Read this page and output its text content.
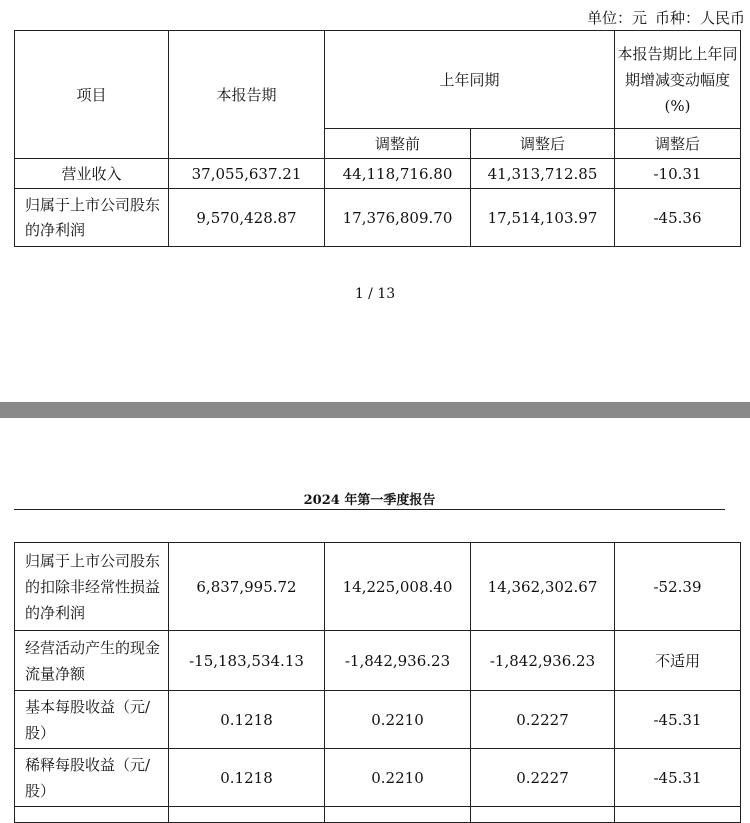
单位：元 币种：人民币
项目	本报告期	上年同期		本报告期比上年同期增减变动幅度(%)
		调整前	调整后	调整后
营业收入	37,055,637.21	44,118,716.80	41,313,712.85	-10.31
归属于上市公司股东的净利润	9,570,428.87	17,376,809.70	17,514,103.97	-45.36
1 / 13
2024 年第一季度报告
归属于上市公司股东的扣除非经常性损益的净利润	6,837,995.72	14,225,008.40	14,362,302.67	-52.39
经营活动产生的现金流量净额	-15,183,534.13	-1,842,936.23	-1,842,936.23	不适用
基本每股收益（元/股）	0.1218	0.2210	0.2227	-45.31
稀释每股收益（元/股）	0.1218	0.2210	0.2227	-45.31
